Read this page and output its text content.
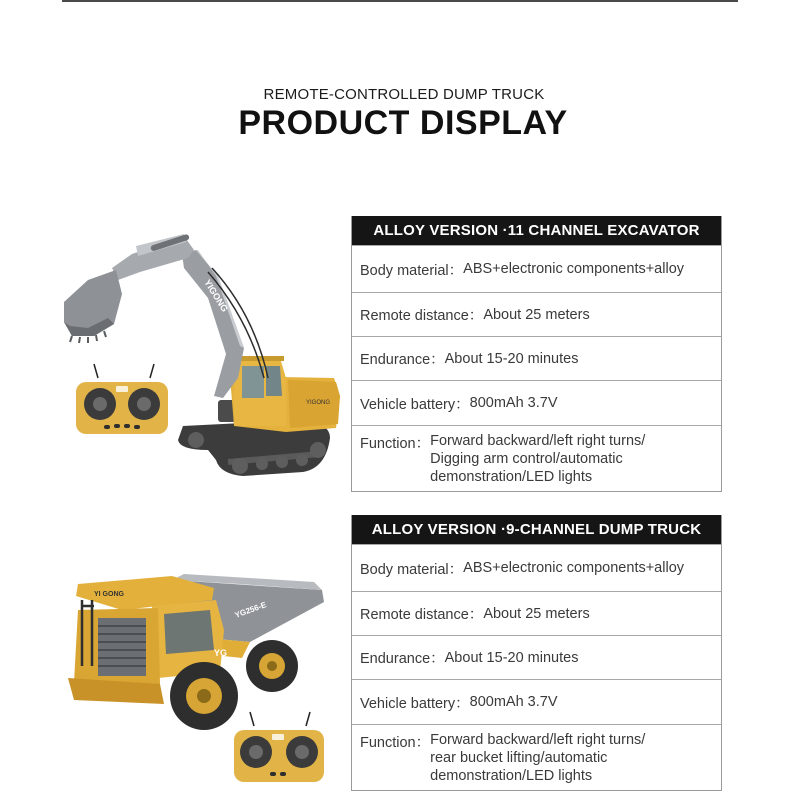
REMOTE-CONTROLLED DUMP TRUCK
PRODUCT DISPLAY
YIGONG
YIGONG
ALLOY VERSION ·11 CHANNEL EXCAVATOR
Body material： ABS+electronic components+alloy
Remote distance： About 25 meters
Endurance： About 15-20 minutes
Vehicle battery： 800mAh 3.7V
Function： Forward backward/left right turns/
Digging arm control/automatic
demonstration/LED lights
YG256-E
YI GONG
YG
ALLOY VERSION ·9-CHANNEL DUMP TRUCK
Body material： ABS+electronic components+alloy
Remote distance： About 25 meters
Endurance： About 15-20 minutes
Vehicle battery： 800mAh 3.7V
Function： Forward backward/left right turns/
rear bucket lifting/automatic
demonstration/LED lights
